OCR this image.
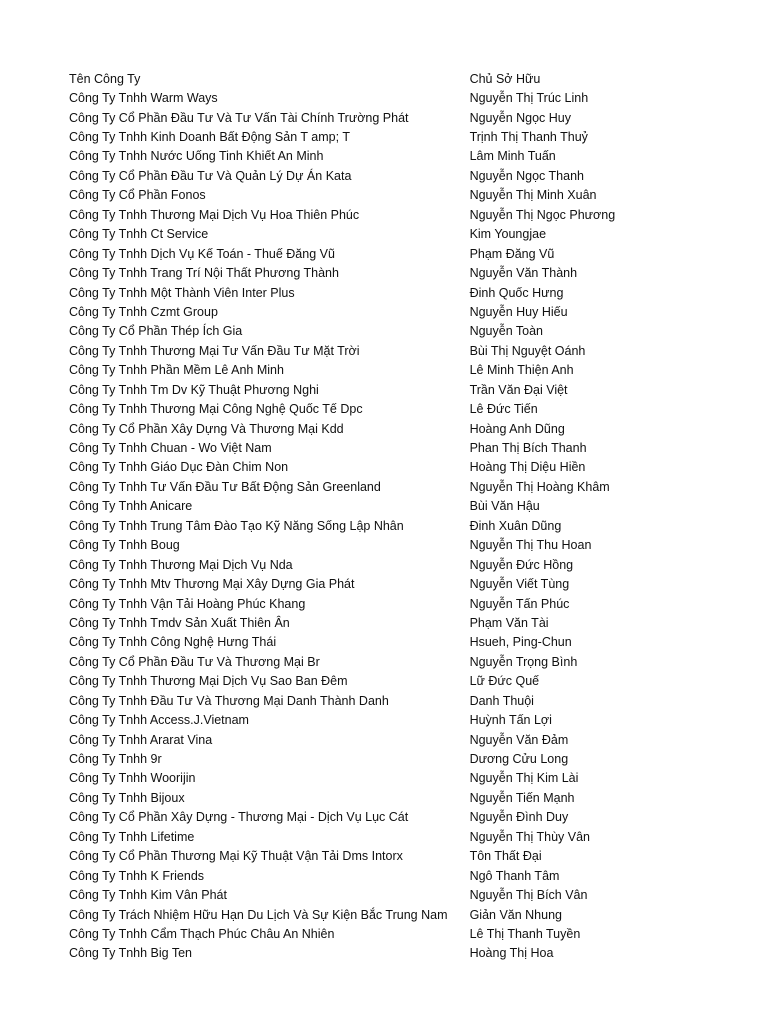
Tên Công Ty	Chủ Sở Hữu
Công Ty Tnhh Warm Ways	Nguyễn Thị Trúc Linh
Công Ty Cổ Phần Đầu Tư Và Tư Vấn Tài Chính Trường Phát	Nguyễn Ngọc Huy
Công Ty Tnhh Kinh Doanh Bất Động Sản T amp; T	Trịnh Thị Thanh Thuỷ
Công Ty Tnhh Nước Uống Tinh Khiết An Minh	Lâm Minh Tuấn
Công Ty Cổ Phần Đầu Tư Và Quản Lý Dự Án Kata	Nguyễn Ngọc Thanh
Công Ty Cổ Phần Fonos	Nguyễn Thị Minh Xuân
Công Ty Tnhh Thương Mại Dịch Vụ Hoa Thiên Phúc	Nguyễn Thị Ngọc Phương
Công Ty Tnhh Ct Service	Kim Youngjae
Công Ty Tnhh Dịch Vụ Kế Toán - Thuế Đăng Vũ	Phạm Đăng Vũ
Công Ty Tnhh Trang Trí Nội Thất Phương Thành	Nguyễn Văn Thành
Công Ty Tnhh Một Thành Viên Inter Plus	Đinh Quốc Hưng
Công Ty Tnhh Czmt Group	Nguyễn Huy Hiếu
Công Ty Cổ Phần Thép Ích Gia	Nguyễn Toàn
Công Ty Tnhh Thương Mại Tư Vấn Đầu Tư Mặt Trời	Bùi Thị Nguyệt Oánh
Công Ty Tnhh Phần Mềm Lê Anh Minh	Lê Minh Thiện Anh
Công Ty Tnhh Tm Dv Kỹ Thuật Phương Nghi	Trần Văn Đại Việt
Công Ty Tnhh Thương Mại Công Nghệ Quốc Tế Dpc	Lê Đức Tiến
Công Ty Cổ Phần Xây Dựng Và Thương Mại Kdd	Hoàng Anh Dũng
Công Ty Tnhh Chuan - Wo Việt Nam	Phan Thị Bích Thanh
Công Ty Tnhh Giáo Dục Đàn Chim Non	Hoàng Thị Diệu Hiền
Công Ty Tnhh Tư Vấn Đầu Tư Bất Động Sản Greenland	Nguyễn Thị Hoàng Khâm
Công Ty Tnhh Anicare	Bùi Văn Hậu
Công Ty Tnhh Trung Tâm Đào Tạo Kỹ Năng Sống Lập Nhân	Đinh Xuân Dũng
Công Ty Tnhh Boug	Nguyễn Thị Thu Hoan
Công Ty Tnhh Thương Mại Dịch Vụ Nda	Nguyễn Đức Hồng
Công Ty Tnhh Mtv Thương Mại Xây Dựng Gia Phát	Nguyễn Viết Tùng
Công Ty Tnhh Vận Tải Hoàng Phúc Khang	Nguyễn Tấn Phúc
Công Ty Tnhh Tmdv Sản Xuất Thiên Ân	Phạm Văn Tài
Công Ty Tnhh Công Nghệ Hưng Thái	Hsueh, Ping-Chun
Công Ty Cổ Phần Đầu Tư Và Thương Mại Br	Nguyễn Trọng Bình
Công Ty Tnhh Thương Mại Dịch Vụ Sao Ban Đêm	Lữ Đức Quế
Công Ty Tnhh Đầu Tư Và Thương Mại Danh Thành Danh	Danh Thuội
Công Ty Tnhh Access.J.Vietnam	Huỳnh Tấn Lợi
Công Ty Tnhh Ararat Vina	Nguyễn Văn Đảm
Công Ty Tnhh 9r	Dương Cửu Long
Công Ty Tnhh Woorijin	Nguyễn Thị Kim Lài
Công Ty Tnhh Bijoux	Nguyễn Tiến Mạnh
Công Ty Cổ Phần Xây Dựng - Thương Mại - Dịch Vụ Lục Cát	Nguyễn Đình Duy
Công Ty Tnhh Lifetime	Nguyễn Thị Thùy Vân
Công Ty Cổ Phần Thương Mại Kỹ Thuật Vận Tải Dms Intorx	Tôn Thất Đại
Công Ty Tnhh K Friends	Ngô Thanh Tâm
Công Ty Tnhh Kim Vân Phát	Nguyễn Thị Bích Vân
Công Ty Trách Nhiệm Hữu Hạn Du Lịch Và Sự Kiện Bắc Trung Nam	Giản Văn Nhung
Công Ty Tnhh Cẩm Thạch Phúc Châu An Nhiên	Lê Thị Thanh Tuyền
Công Ty Tnhh Big Ten	Hoàng Thị Hoa
